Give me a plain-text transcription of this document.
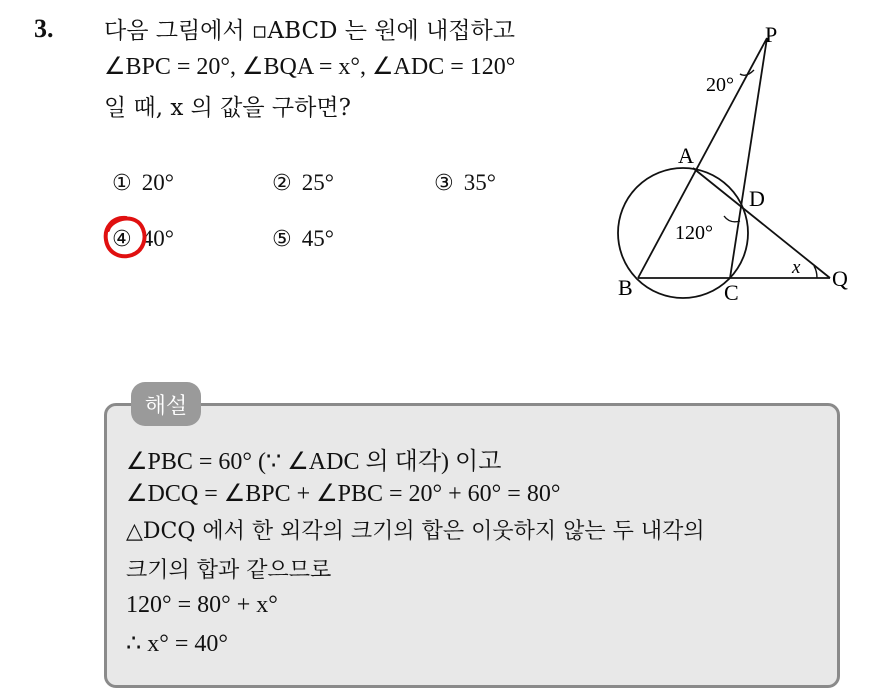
3. 다음 그림에서 ▫ABCD 는 원에 내접하고
∠BPC = 20°, ∠BQA = x°, ∠ADC = 120°
일 때, x 의 값을 구하면?
① 20°	② 25°	③ 35°
④ 40°	⑤ 45°
P
A
D
B	C
Q
20°
120°
x
해설
∠PBC = 60° (∵ ∠ADC 의 대각) 이고
∠DCQ = ∠BPC + ∠PBC = 20° + 60° = 80°
△DCQ 에서 한 외각의 크기의 합은 이웃하지 않는 두 내각의
크기의 합과 같으므로
120° = 80° + x°
∴ x° = 40°
